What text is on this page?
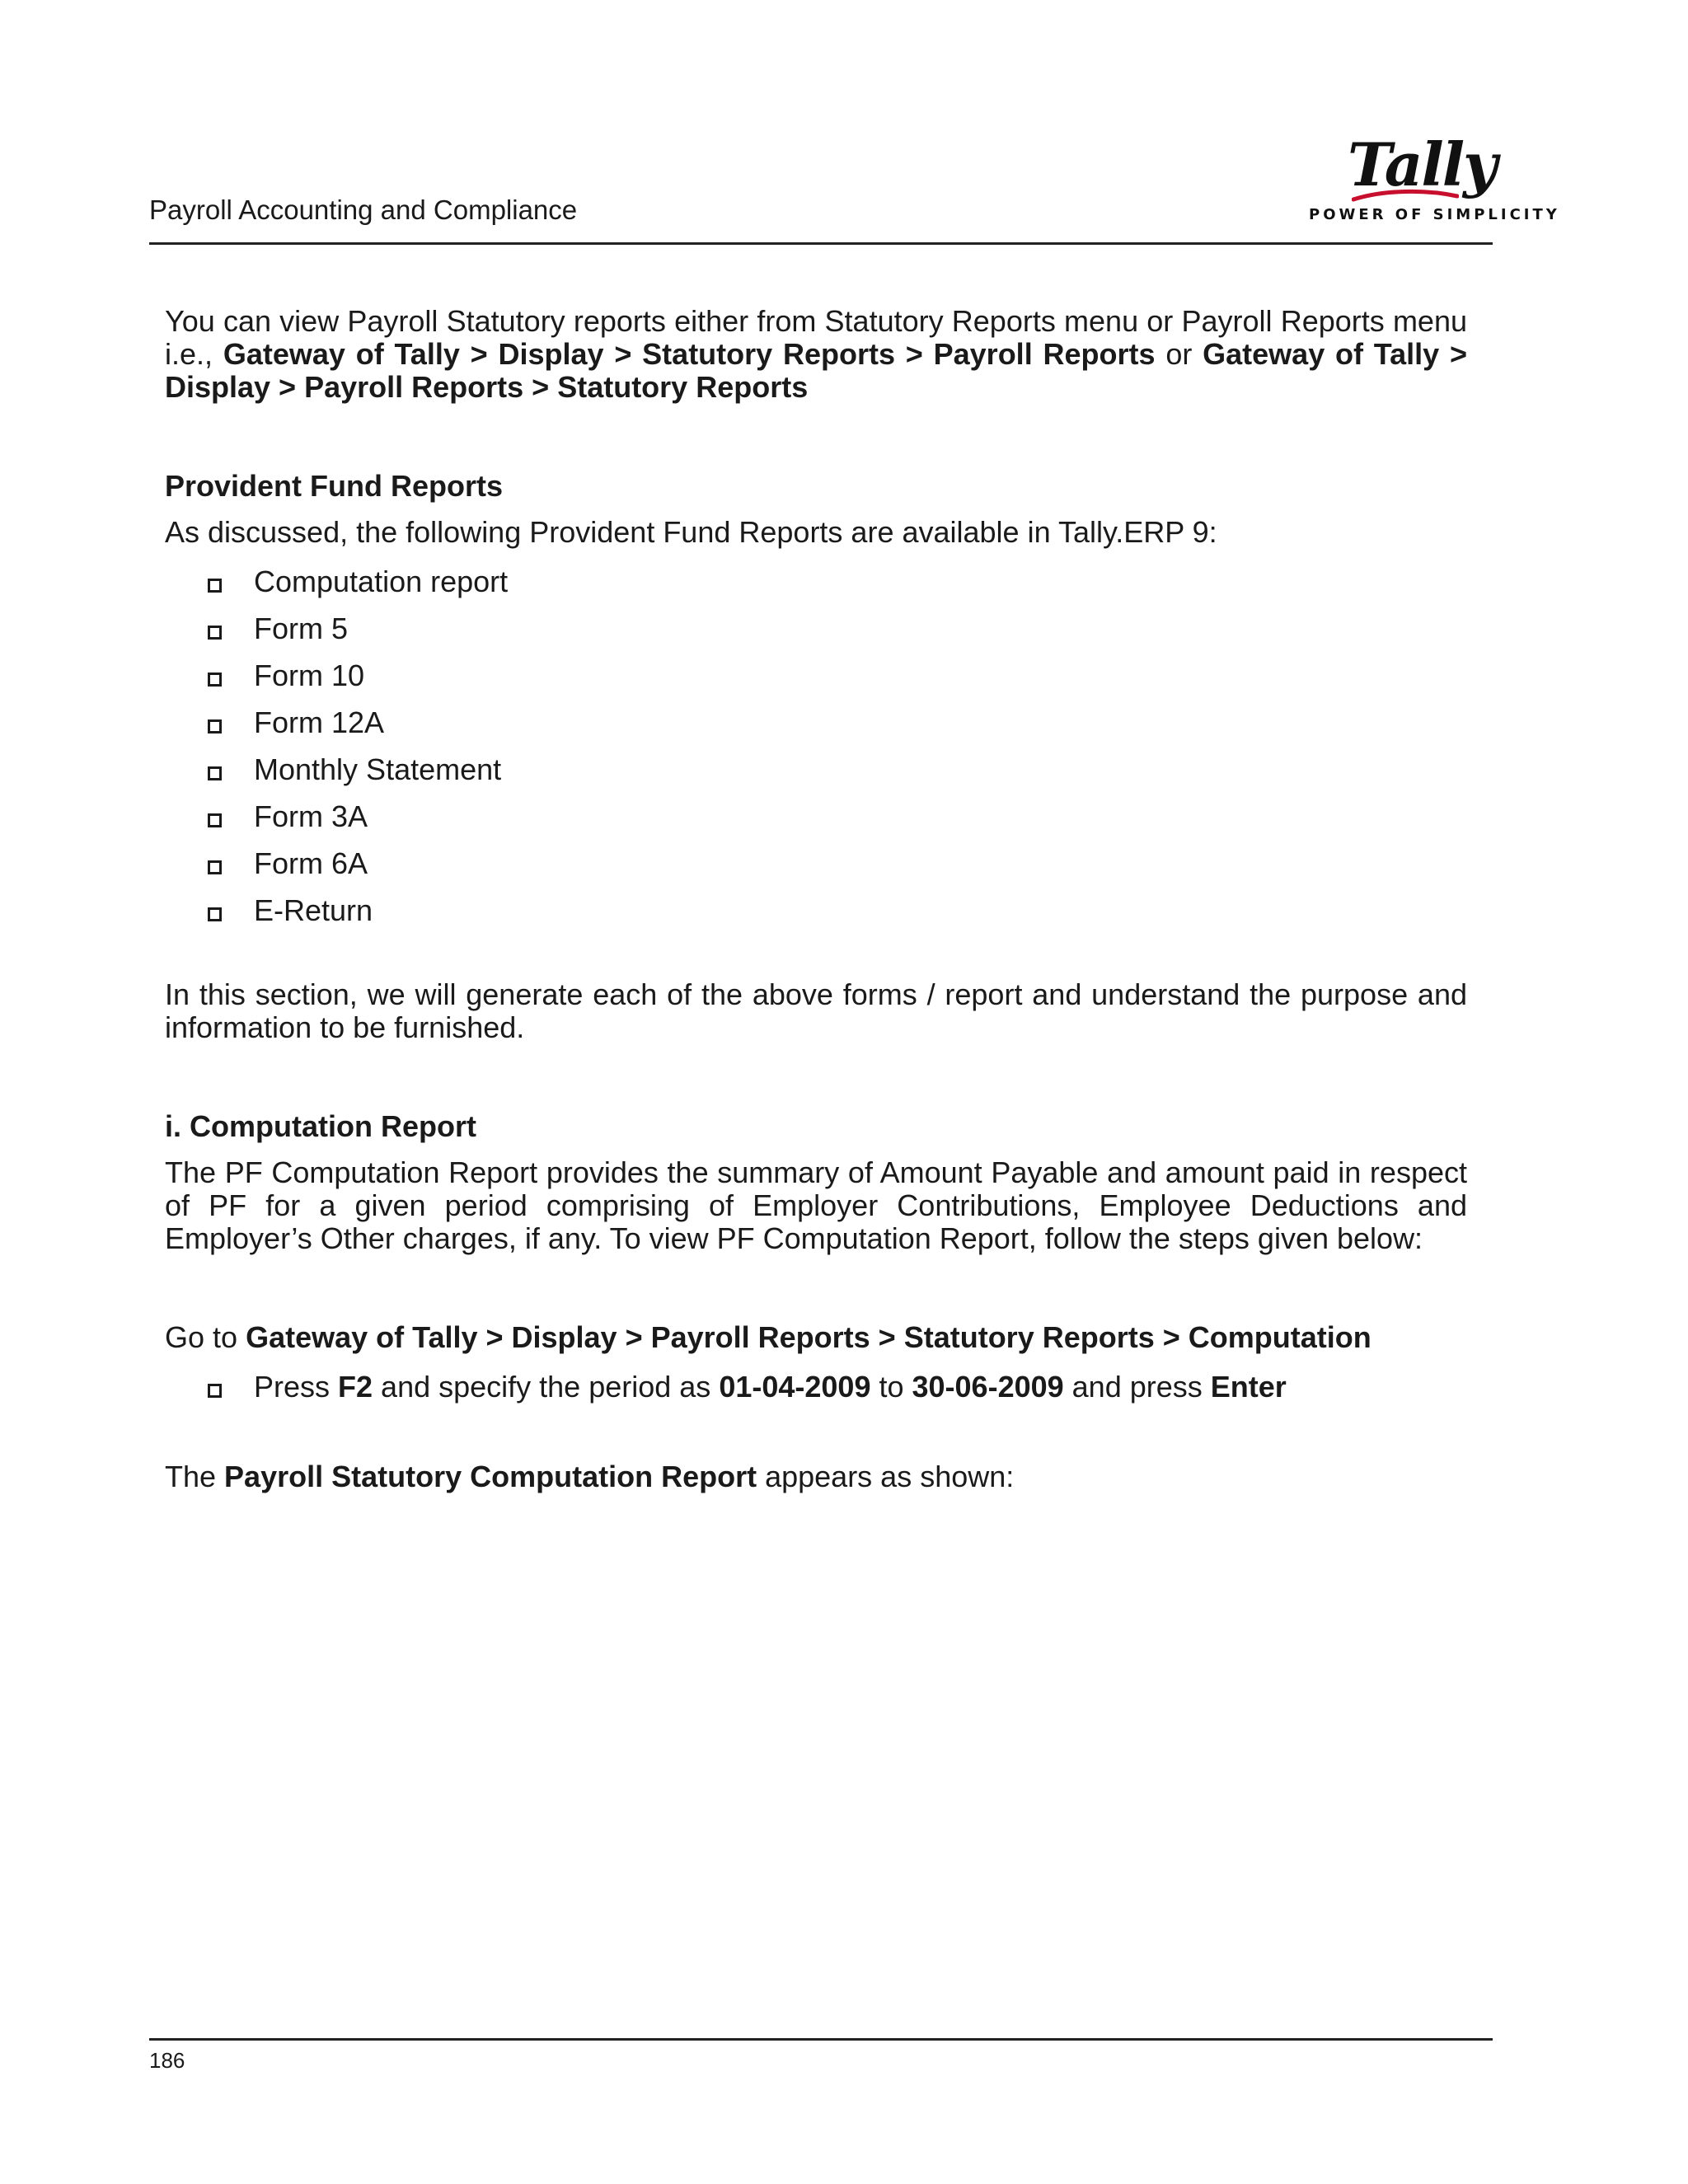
Payroll Accounting and Compliance

Tally
POWER OF SIMPLICITY

You can view Payroll Statutory reports either from Statutory Reports menu or Payroll Reports menu i.e., Gateway of Tally > Display > Statutory Reports > Payroll Reports or Gateway of Tally > Display > Payroll Reports > Statutory Reports

Provident Fund Reports

As discussed, the following Provident Fund Reports are available in Tally.ERP 9:

Computation report
Form 5
Form 10
Form 12A
Monthly Statement
Form 3A
Form 6A
E-Return

In this section, we will generate each of the above forms / report and understand the purpose and information to be furnished.

i. Computation Report

The PF Computation Report provides the summary of Amount Payable and amount paid in respect of PF for a given period comprising of Employer Contributions, Employee Deductions and Employer’s Other charges, if any. To view PF Computation Report, follow the steps given below:

Go to Gateway of Tally > Display > Payroll Reports > Statutory Reports > Computation

Press F2 and specify the period as 01-04-2009 to 30-06-2009 and press Enter

The Payroll Statutory Computation Report appears as shown:

186
